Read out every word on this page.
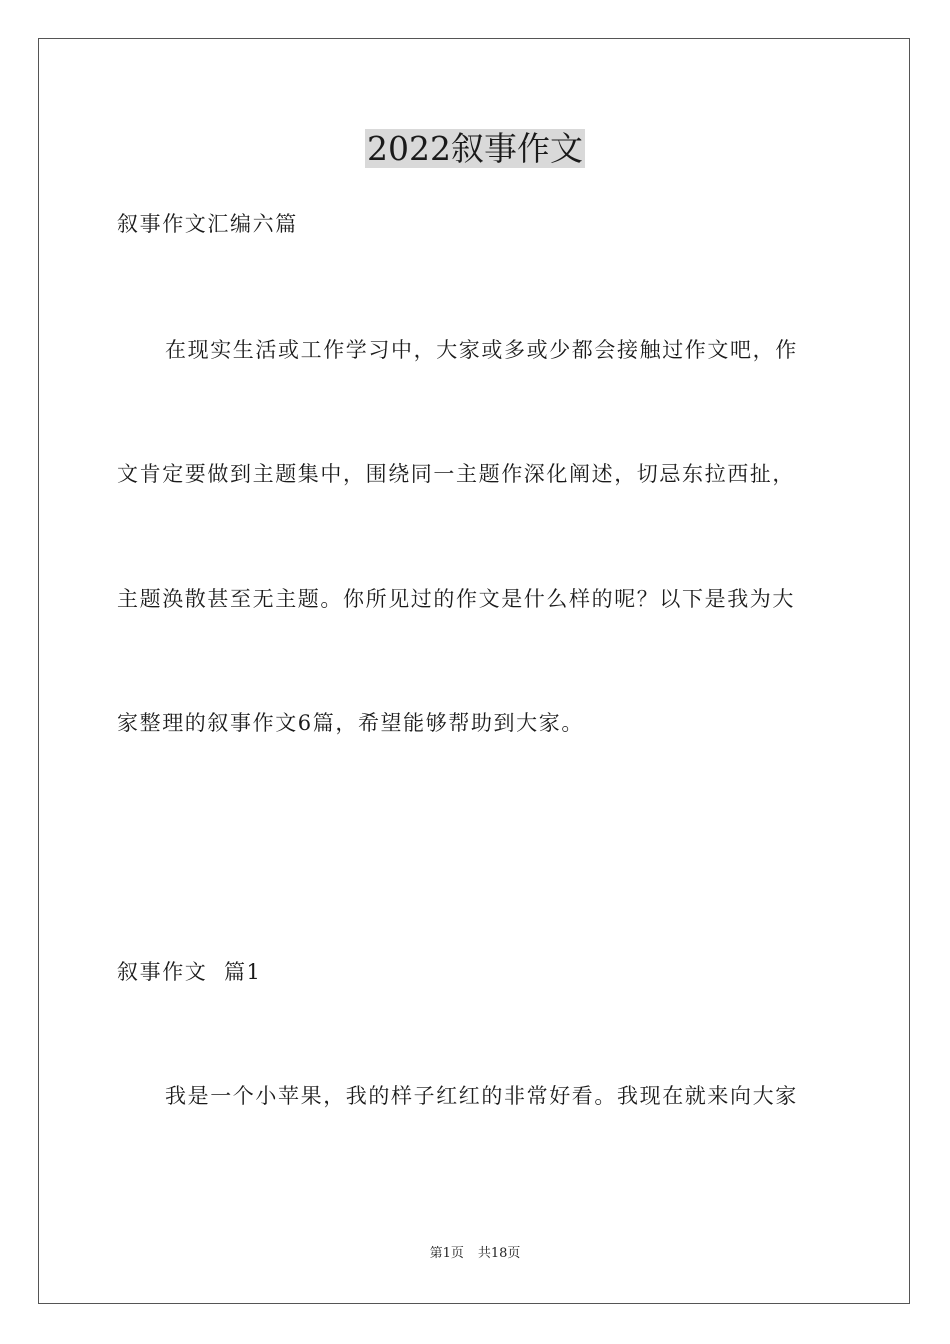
2022叙事作文
叙事作文汇编六篇
在现实生活或工作学习中，大家或多或少都会接触过作文吧，作
文肯定要做到主题集中，围绕同一主题作深化阐述，切忌东拉西扯，
主题涣散甚至无主题。你所见过的作文是什么样的呢？以下是我为大
家整理的叙事作文6篇，希望能够帮助到大家。
叙事作文  篇1
我是一个小苹果，我的样子红红的非常好看。我现在就来向大家
第1页 共18页
